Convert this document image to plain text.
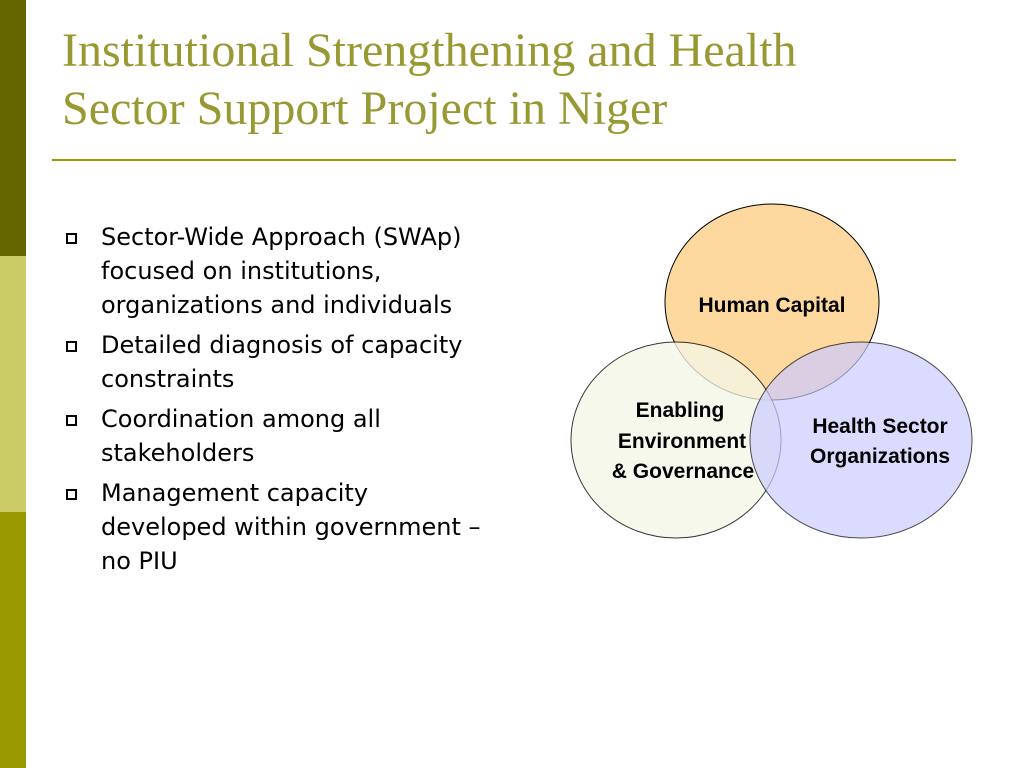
Institutional Strengthening and Health
Sector Support Project in Niger
Sector-Wide Approach (SWAp) focused on institutions, organizations and individuals
Detailed diagnosis of capacity constraints
Coordination among all stakeholders
Management capacity developed within government – no PIU
Human Capital
Enabling
Environment
& Governance
Health Sector
Organizations
